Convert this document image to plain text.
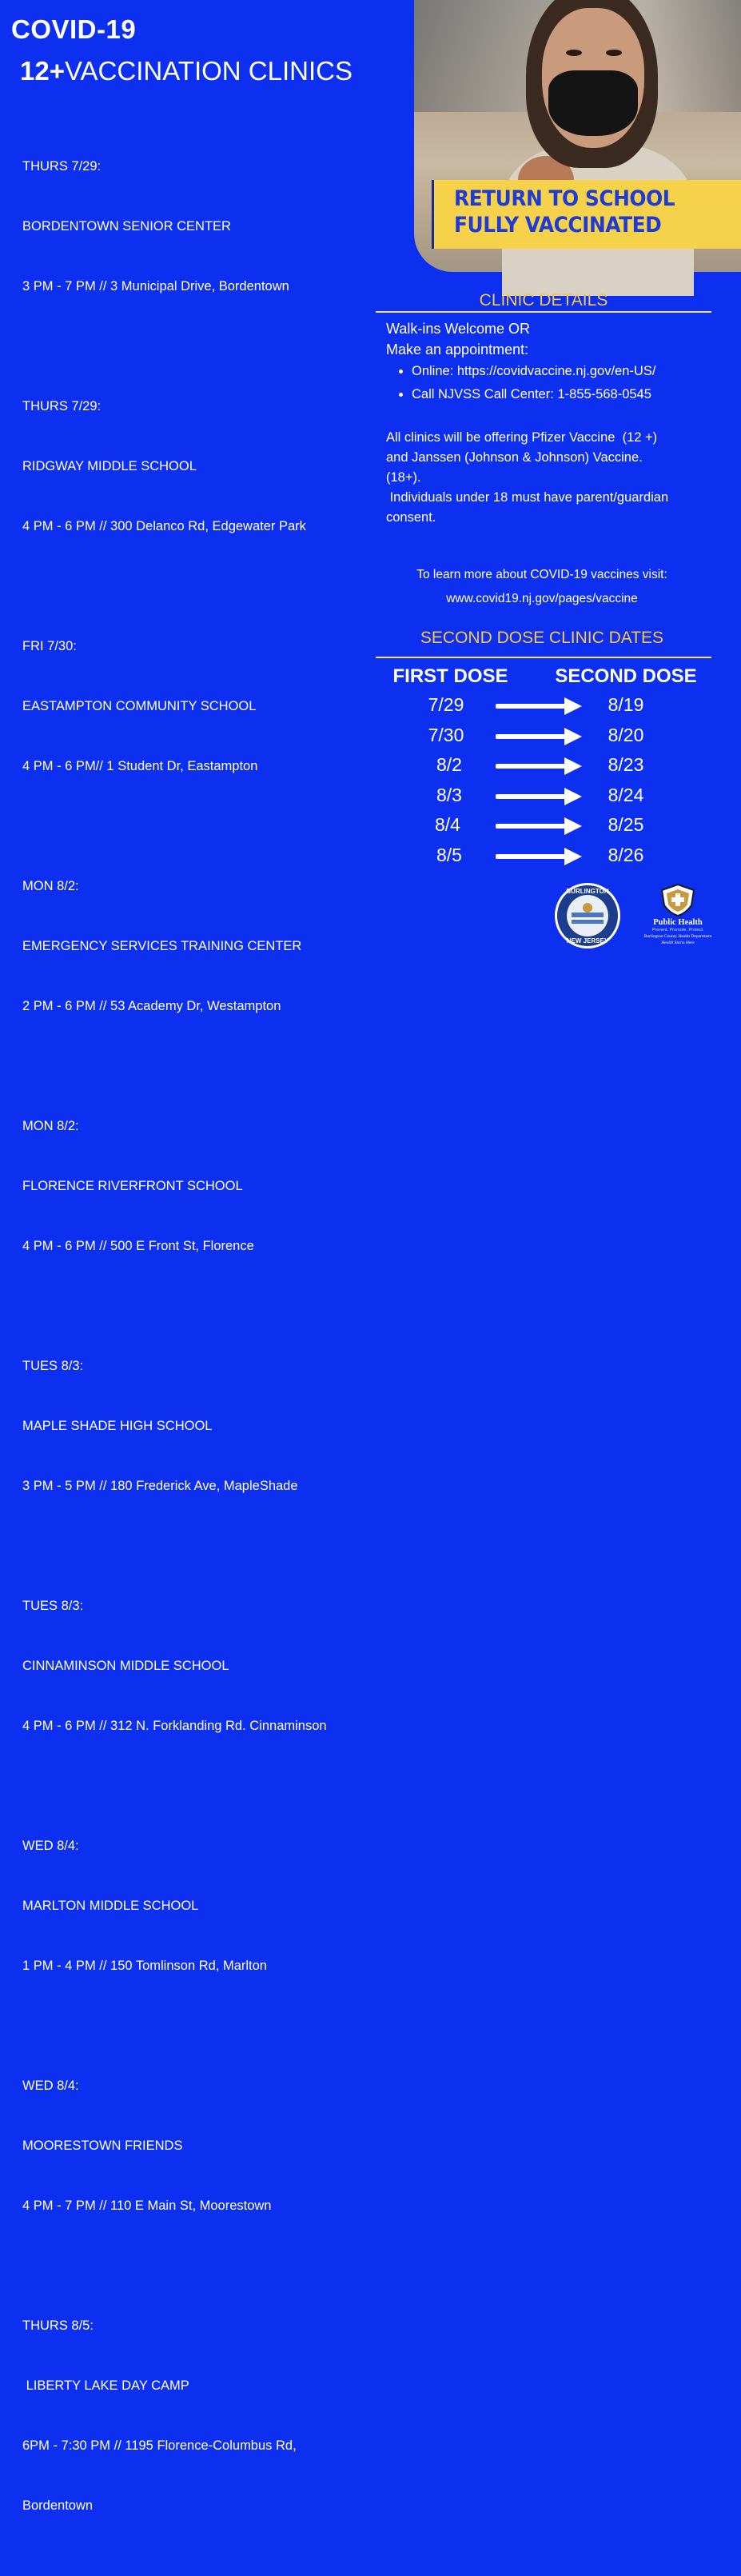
COVID-19
12+VACCINATION CLINICS

THURS 7/29:

BORDENTOWN SENIOR CENTER

3 PM - 7 PM // 3 Municipal Drive, Bordentown

THURS 7/29:

RIDGWAY MIDDLE SCHOOL

4 PM - 6 PM // 300 Delanco Rd, Edgewater Park

FRI 7/30:

EASTAMPTON COMMUNITY SCHOOL

4 PM - 6 PM// 1 Student Dr, Eastampton

MON 8/2:

EMERGENCY SERVICES TRAINING CENTER

2 PM - 6 PM // 53 Academy Dr, Westampton

MON 8/2:

FLORENCE RIVERFRONT SCHOOL

4 PM - 6 PM // 500 E Front St, Florence

TUES 8/3:

MAPLE SHADE HIGH SCHOOL

3 PM - 5 PM // 180 Frederick Ave, MapleShade

TUES 8/3:

CINNAMINSON MIDDLE SCHOOL

4 PM - 6 PM // 312 N. Forklanding Rd. Cinnaminson

WED 8/4:

MARLTON MIDDLE SCHOOL

1 PM - 4 PM // 150 Tomlinson Rd, Marlton

WED 8/4:

MOORESTOWN FRIENDS

4 PM - 7 PM // 110 E Main St, Moorestown

THURS 8/5:

LIBERTY LAKE DAY CAMP

6PM - 7:30 PM // 1195 Florence-Columbus Rd,

Bordentown

RETURN TO SCHOOL FULLY VACCINATED
CLINIC DETAILS
Walk-ins Welcome OR
Make an appointment:
• Online: https://covidvaccine.nj.gov/en-US/
• Call NJVSS Call Center: 1-855-568-0545
All clinics will be offering Pfizer Vaccine  (12 +)
and Janssen (Johnson & Johnson) Vaccine.
(18+).
Individuals under 18 must have parent/guardian
consent.
To learn more about COVID-19 vaccines visit:
www.covid19.nj.gov/pages/vaccine
SECOND DOSE CLINIC DATES
FIRST DOSE	SECOND DOSE
7/29	8/19
7/30	8/20
8/2	8/23
8/3	8/24
8/4	8/25
8/5	8/26
BURLINGTON
NEW JERSEY
Public Health
Prevent. Promote. Protect.
Burlington County Health Department
Health Starts Here
